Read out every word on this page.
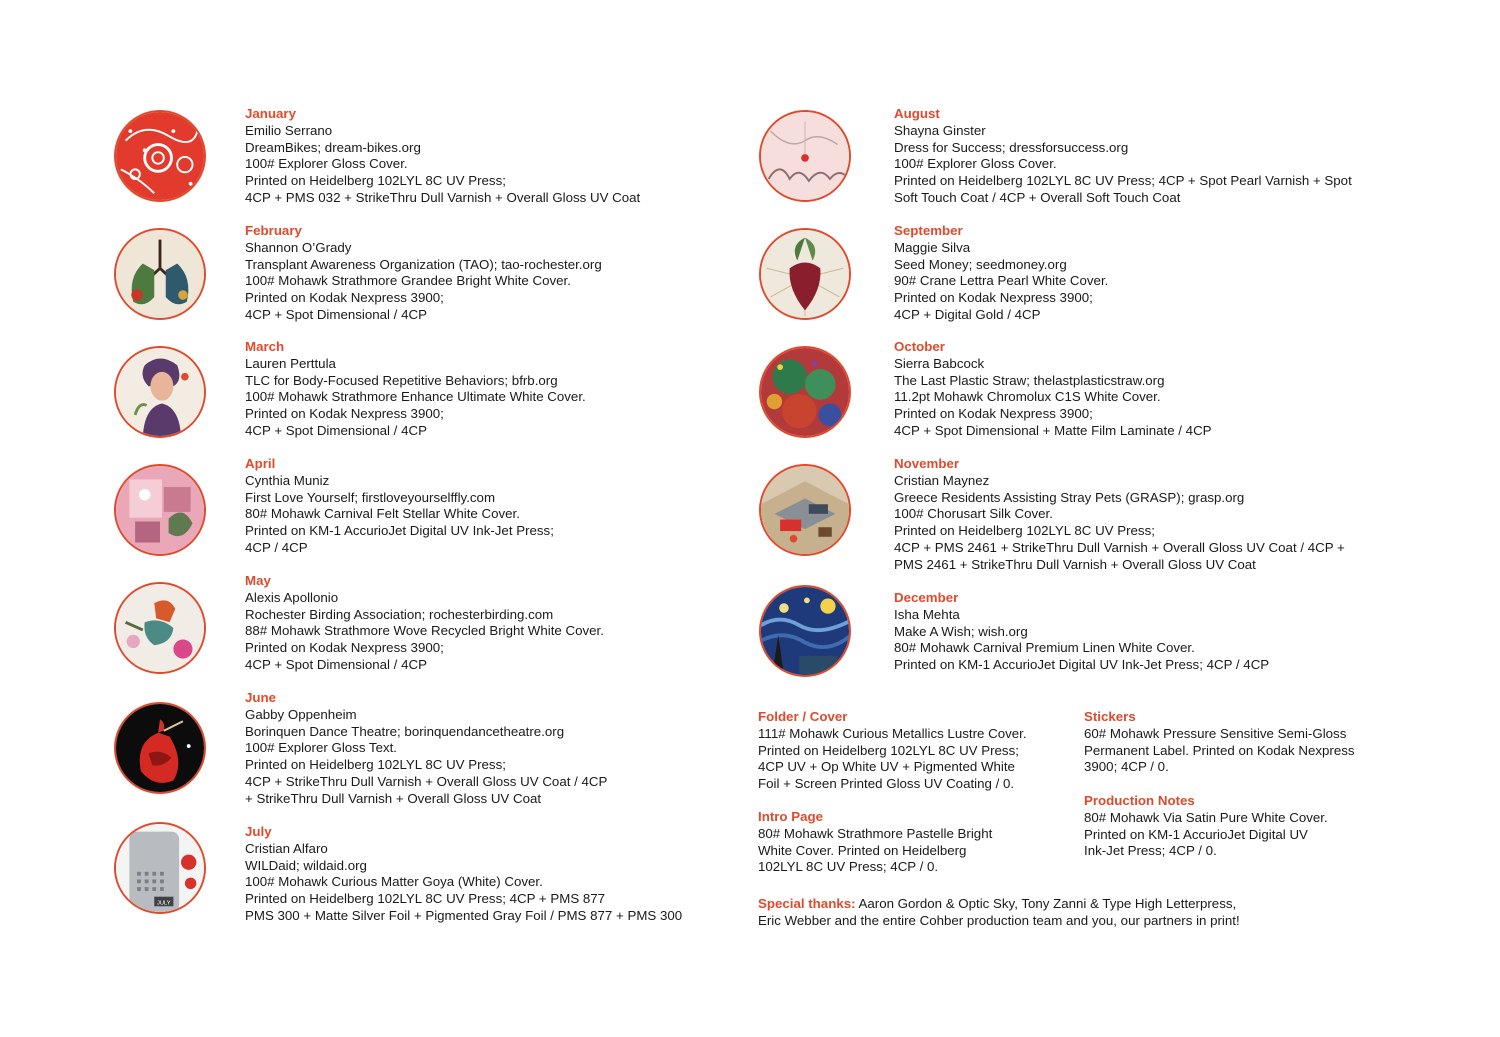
January
Emilio Serrano
DreamBikes; dream-bikes.org
100# Explorer Gloss Cover.
Printed on Heidelberg 102LYL 8C UV Press;
4CP + PMS 032 + StrikeThru Dull Varnish + Overall Gloss UV Coat
February
Shannon O’Grady
Transplant Awareness Organization (TAO); tao-rochester.org
100# Mohawk Strathmore Grandee Bright White Cover.
Printed on Kodak Nexpress 3900;
4CP + Spot Dimensional / 4CP
March
Lauren Perttula
TLC for Body-Focused Repetitive Behaviors; bfrb.org
100# Mohawk Strathmore Enhance Ultimate White Cover.
Printed on Kodak Nexpress 3900;
4CP + Spot Dimensional / 4CP
April
Cynthia Muniz
First Love Yourself; firstloveyourselffly.com
80# Mohawk Carnival Felt Stellar White Cover.
Printed on KM-1 AccurioJet Digital UV Ink-Jet Press;
4CP / 4CP
May
Alexis Apollonio
Rochester Birding Association; rochesterbirding.com
88# Mohawk Strathmore Wove Recycled Bright White Cover.
Printed on Kodak Nexpress 3900;
4CP + Spot Dimensional / 4CP
June
Gabby Oppenheim
Borinquen Dance Theatre; borinquendancetheatre.org
100# Explorer Gloss Text.
Printed on Heidelberg 102LYL 8C UV Press;
4CP + StrikeThru Dull Varnish + Overall Gloss UV Coat / 4CP
+ StrikeThru Dull Varnish + Overall Gloss UV Coat
JULY
July
Cristian Alfaro
WILDaid; wildaid.org
100# Mohawk Curious Matter Goya (White) Cover.
Printed on Heidelberg 102LYL 8C UV Press; 4CP + PMS 877
PMS 300 + Matte Silver Foil + Pigmented Gray Foil / PMS 877 + PMS 300
August
Shayna Ginster
Dress for Success; dressforsuccess.org
100# Explorer Gloss Cover.
Printed on Heidelberg 102LYL 8C UV Press; 4CP + Spot Pearl Varnish + Spot
Soft Touch Coat / 4CP + Overall Soft Touch Coat
September
Maggie Silva
Seed Money; seedmoney.org
90# Crane Lettra Pearl White Cover.
Printed on Kodak Nexpress 3900;
4CP + Digital Gold / 4CP
October
Sierra Babcock
The Last Plastic Straw; thelastplasticstraw.org
11.2pt Mohawk Chromolux C1S White Cover.
Printed on Kodak Nexpress 3900;
4CP + Spot Dimensional + Matte Film Laminate / 4CP
November
Cristian Maynez
Greece Residents Assisting Stray Pets (GRASP); grasp.org
100# Chorusart Silk Cover.
Printed on Heidelberg 102LYL 8C UV Press;
4CP + PMS 2461 + StrikeThru Dull Varnish + Overall Gloss UV Coat / 4CP +
PMS 2461 + StrikeThru Dull Varnish + Overall Gloss UV Coat
December
Isha Mehta
Make A Wish; wish.org
80# Mohawk Carnival Premium Linen White Cover.
Printed on KM-1 AccurioJet Digital UV Ink-Jet Press; 4CP / 4CP
Folder / Cover
111# Mohawk Curious Metallics Lustre Cover.
Printed on Heidelberg 102LYL 8C UV Press;
4CP UV + Op White UV + Pigmented White
Foil + Screen Printed Gloss UV Coating / 0.
Intro Page
80# Mohawk Strathmore Pastelle Bright
White Cover. Printed on Heidelberg
102LYL 8C UV Press; 4CP / 0.
Stickers
60# Mohawk Pressure Sensitive Semi-Gloss
Permanent Label. Printed on Kodak Nexpress
3900; 4CP / 0.
Production Notes
80# Mohawk Via Satin Pure White Cover.
Printed on KM-1 AccurioJet Digital UV
Ink-Jet Press; 4CP / 0.
Special thanks: Aaron Gordon & Optic Sky, Tony Zanni & Type High Letterpress,
Eric Webber and the entire Cohber production team and you, our partners in print!
